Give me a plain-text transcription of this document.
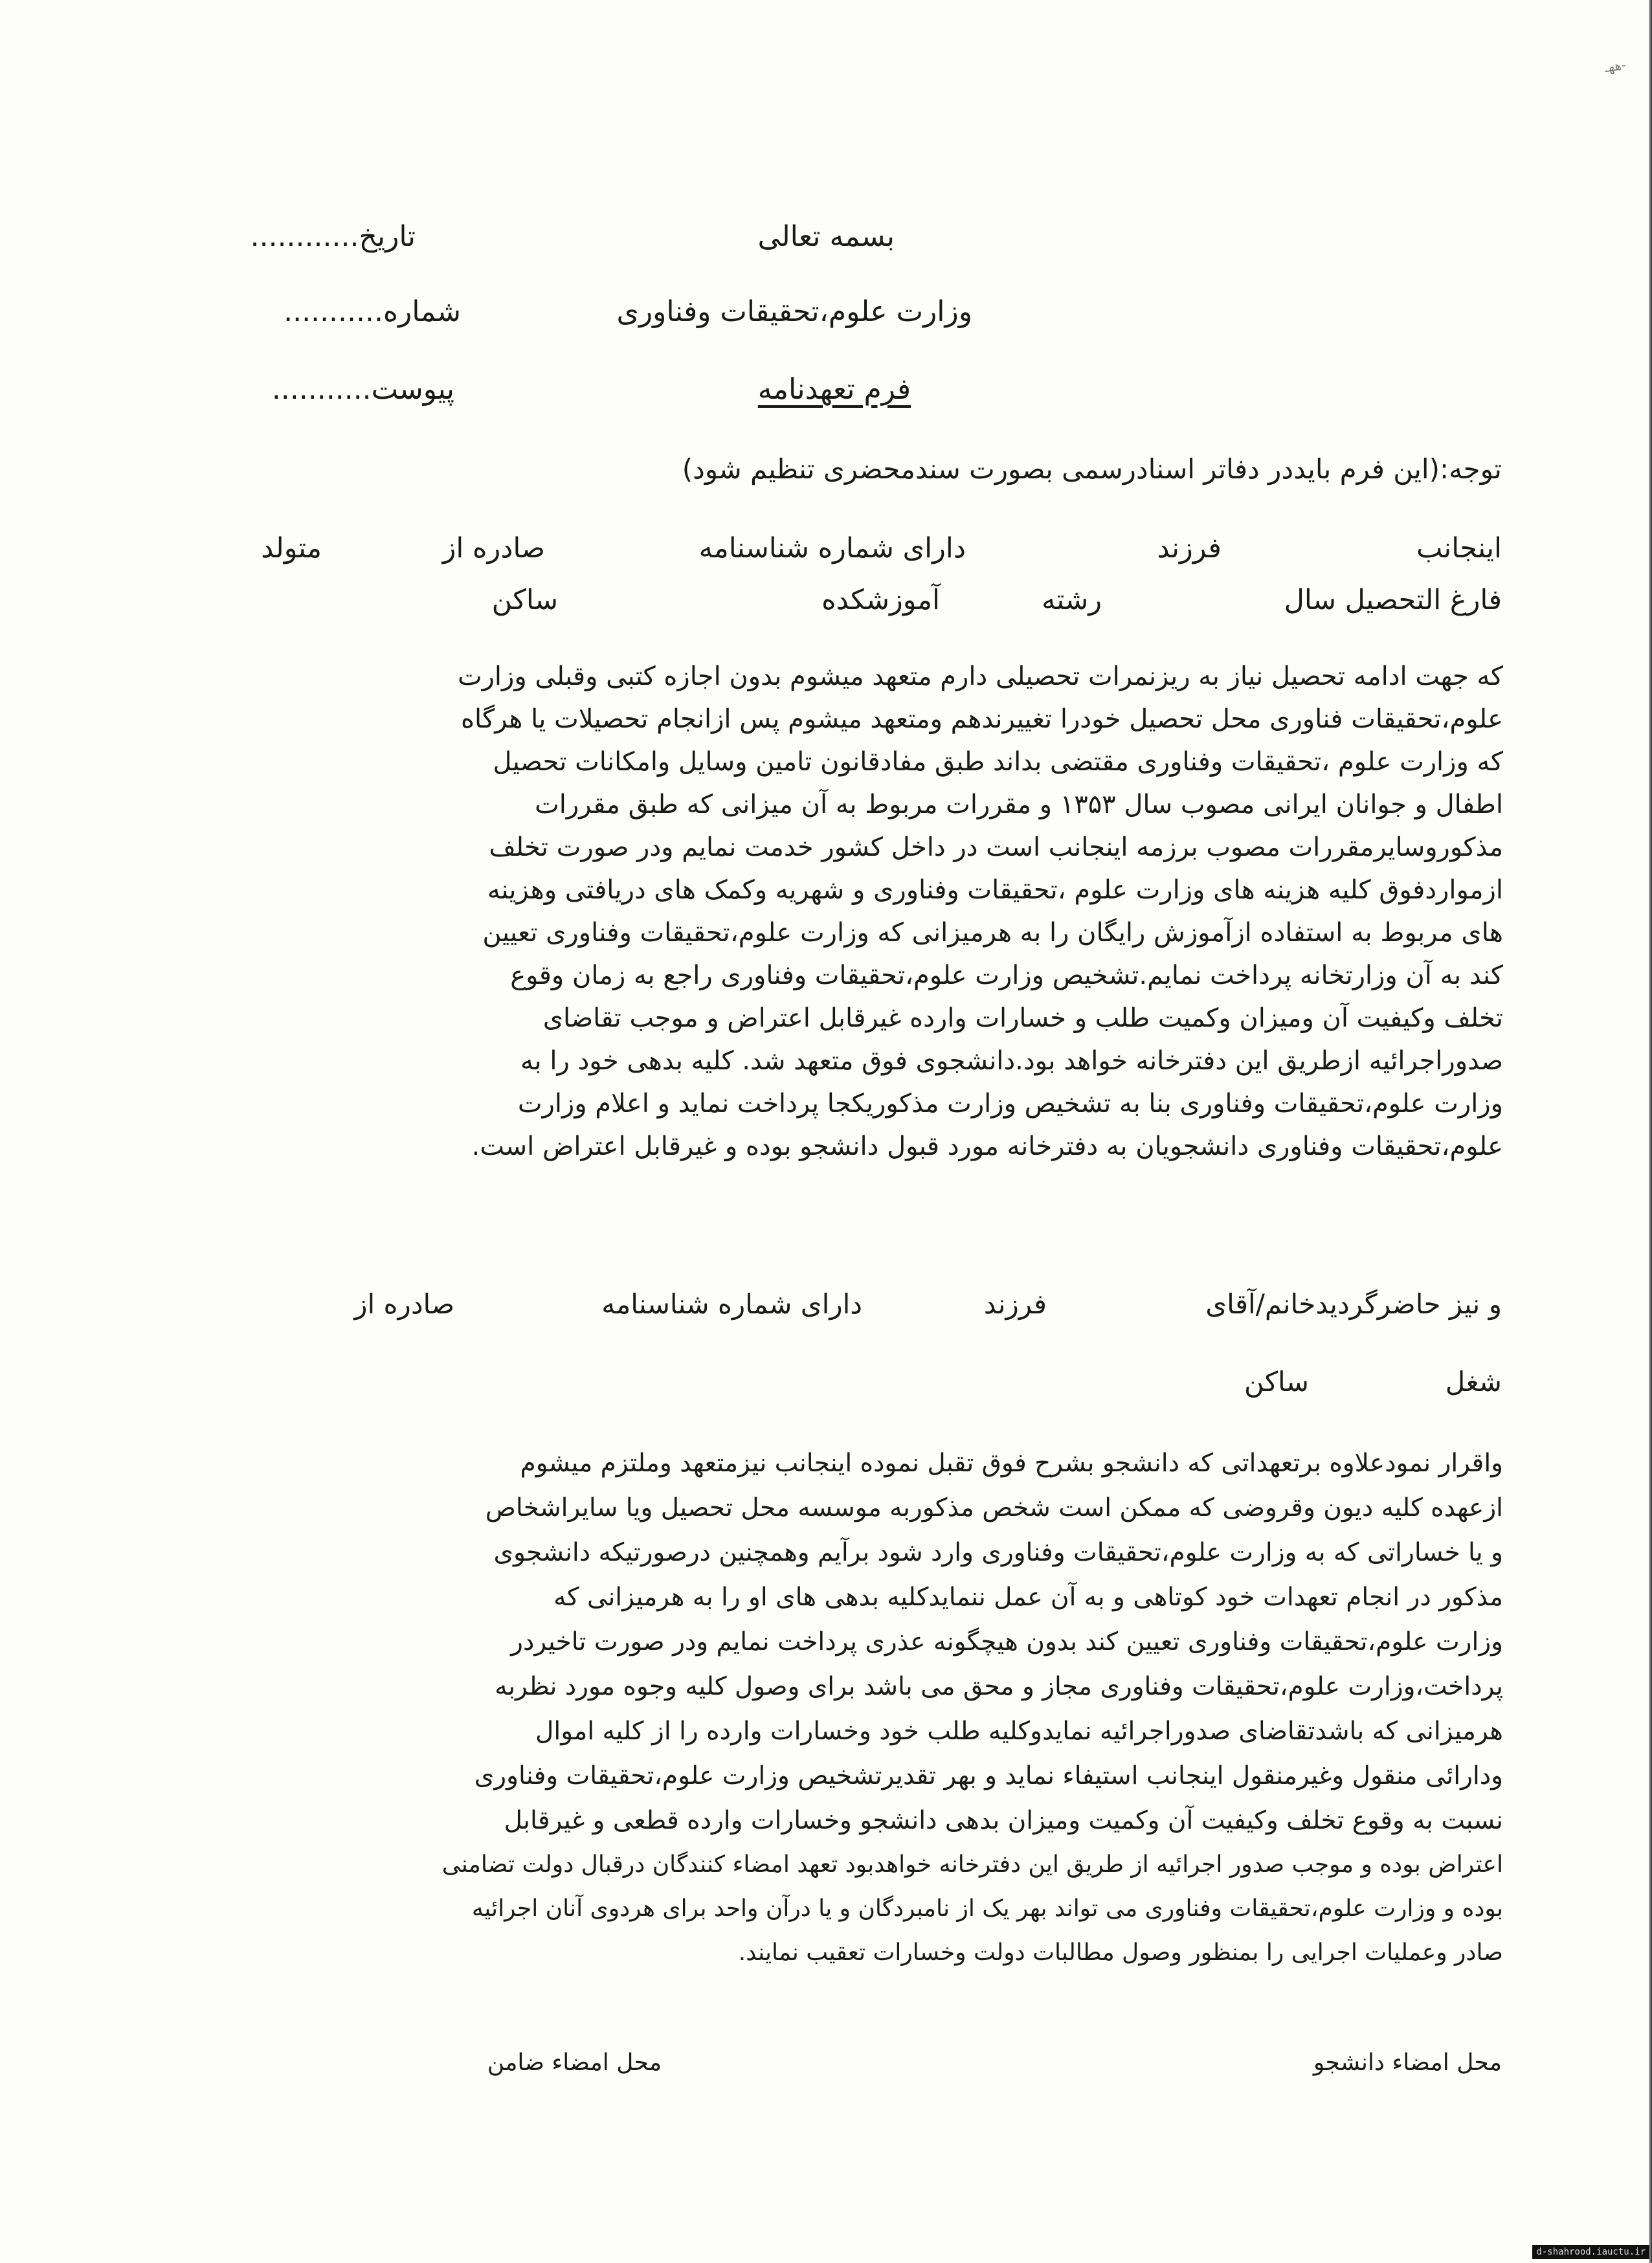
ههـ-
بسمه تعالی
وزارت علوم،تحقیقات وفناوری
فرم تعهدنامه
تاریخ............
شماره...........
پیوست...........
توجه:(این فرم بایددر دفاتر اسنادرسمی بصورت سندمحضری تنظیم شود)
اینجانب
فرزند
دارای شماره شناسنامه
صادره از
متولد
فارغ التحصیل سال
رشته
آموزشکده
ساکن
که جهت ادامه تحصیل نیاز به ریزنمرات تحصیلی دارم متعهد میشوم بدون اجازه کتبی وقبلی وزارت
علوم،تحقیقات فناوری محل تحصیل خودرا تغییرندهم ومتعهد میشوم پس ازانجام تحصیلات یا هرگاه
که وزارت علوم ،تحقیقات وفناوری مقتضی بداند طبق مفادقانون تامین وسایل وامکانات تحصیل
اطفال و جوانان ایرانی مصوب سال ۱۳۵۳ و مقررات مربوط به آن میزانی که طبق مقررات
مذکوروسایرمقررات مصوب برزمه اینجانب است در داخل کشور خدمت نمایم ودر صورت تخلف
ازمواردفوق کلیه هزینه های وزارت علوم ،تحقیقات وفناوری و شهریه وکمک های دریافتی وهزینه
های مربوط به استفاده ازآموزش رایگان را به هرمیزانی که وزارت علوم،تحقیقات وفناوری تعیین
کند به آن وزارتخانه پرداخت نمایم.تشخیص وزارت علوم،تحقیقات وفناوری راجع به زمان وقوع
تخلف وکیفیت آن ومیزان وکمیت طلب و خسارات وارده غیرقابل اعتراض و موجب تقاضای
صدوراجرائیه ازطریق این دفترخانه خواهد بود.دانشجوی فوق متعهد شد. کلیه بدهی خود را به
وزارت علوم،تحقیقات وفناوری بنا به تشخیص وزارت مذکوریکجا پرداخت نماید و اعلام وزارت
علوم،تحقیقات وفناوری دانشجویان به دفترخانه مورد قبول دانشجو بوده و غیرقابل اعتراض است.
و نیز حاضرگردیدخانم/آقای
فرزند
دارای شماره شناسنامه
صادره از
شغل
ساکن
واقرار نمودعلاوه برتعهداتی که دانشجو بشرح فوق تقبل نموده اینجانب نیزمتعهد وملتزم میشوم
ازعهده کلیه دیون وقروضی که ممکن است شخص مذکوربه موسسه محل تحصیل ویا سایراشخاص
و یا خساراتی که به وزارت علوم،تحقیقات وفناوری وارد شود برآیم وهمچنین درصورتیکه دانشجوی
مذکور در انجام تعهدات خود کوتاهی و به آن عمل ننمایدکلیه بدهی های او را به هرمیزانی که
وزارت علوم،تحقیقات وفناوری تعیین کند بدون هیچگونه عذری پرداخت نمایم ودر صورت تاخیردر
پرداخت،وزارت علوم،تحقیقات وفناوری مجاز و محق می باشد برای وصول کلیه وجوه مورد نظربه
هرمیزانی که باشدتقاضای صدوراجرائیه نمایدوکلیه طلب خود وخسارات وارده را از کلیه اموال
ودارائی منقول وغیرمنقول اینجانب استیفاء نماید و بهر تقدیرتشخیص وزارت علوم،تحقیقات وفناوری
نسبت به وقوع تخلف وکیفیت آن وکمیت ومیزان بدهی دانشجو وخسارات وارده قطعی و غیرقابل
اعتراض بوده و موجب صدور اجرائیه از طریق این دفترخانه خواهدبود تعهد امضاء کنندگان درقبال دولت تضامنی
بوده و وزارت علوم،تحقیقات وفناوری می تواند بهر یک از نامبردگان و یا درآن واحد برای هردوی آنان اجرائیه
صادر وعملیات اجرایی را بمنظور وصول مطالبات دولت وخسارات تعقیب نمایند.
محل امضاء دانشجو
محل امضاء ضامن
d-shahrood.iauctu.ir
